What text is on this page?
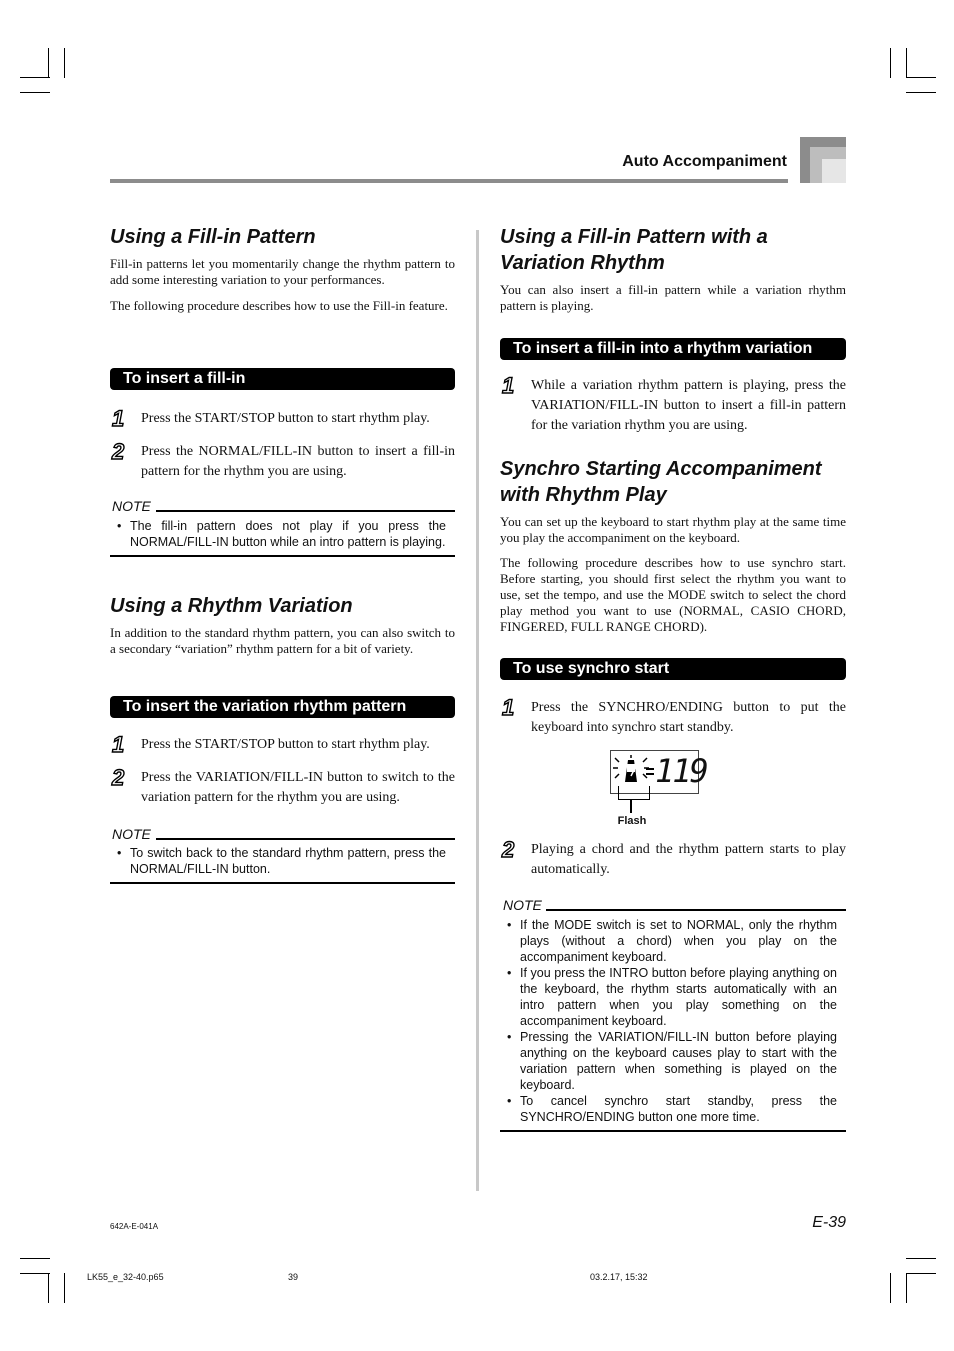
Auto Accompaniment
Using a Fill-in Pattern

Fill-in patterns let you momentarily change the rhythm pattern to add some interesting variation to your performances.

The following procedure describes how to use the Fill-in feature.

To insert a fill-in
1 Press the START/STOP button to start rhythm play.
2 Press the NORMAL/FILL-IN button to insert a fill-in pattern for the rhythm you are using.
NOTE
• The fill-in pattern does not play if you press the NORMAL/FILL-IN button while an intro pattern is playing.
Using a Rhythm Variation

In addition to the standard rhythm pattern, you can also switch to a secondary “variation” rhythm pattern for a bit of variety.

To insert the variation rhythm pattern
1 Press the START/STOP button to start rhythm play.
2 Press the VARIATION/FILL-IN button to switch to the variation pattern for the rhythm you are using.
NOTE
• To switch back to the standard rhythm pattern, press the NORMAL/FILL-IN button.
Using a Fill-in Pattern with a Variation Rhythm

You can also insert a fill-in pattern while a variation rhythm pattern is playing.

To insert a fill-in into a rhythm variation
1 While a variation rhythm pattern is playing, press the VARIATION/FILL-IN button to insert a fill-in pattern for the variation rhythm you are using.
Synchro Starting Accompaniment with Rhythm Play

You can set up the keyboard to start rhythm play at the same time you play the accompaniment on the keyboard.

The following procedure describes how to use synchro start. Before starting, you should first select the rhythm you want to use, set the tempo, and use the MODE switch to select the chord play method you want to use (NORMAL, CASIO CHORD, FINGERED, FULL RANGE CHORD).

To use synchro start
1 Press the SYNCHRO/ENDING button to put the keyboard into synchro start standby.
119
Flash
2 Playing a chord and the rhythm pattern starts to play automatically.
NOTE
• If the MODE switch is set to NORMAL, only the rhythm plays (without a chord) when you play on the accompaniment keyboard.
• If you press the INTRO button before playing anything on the keyboard, the rhythm starts automatically with an intro pattern when you play something on the accompaniment keyboard.
• Pressing the VARIATION/FILL-IN button before playing anything on the keyboard causes play to start with the variation pattern when something is played on the keyboard.
• To cancel synchro start standby, press the SYNCHRO/ENDING button one more time.
642A-E-041A	E-39
LK55_e_32-40.p65	39	03.2.17, 15:32
